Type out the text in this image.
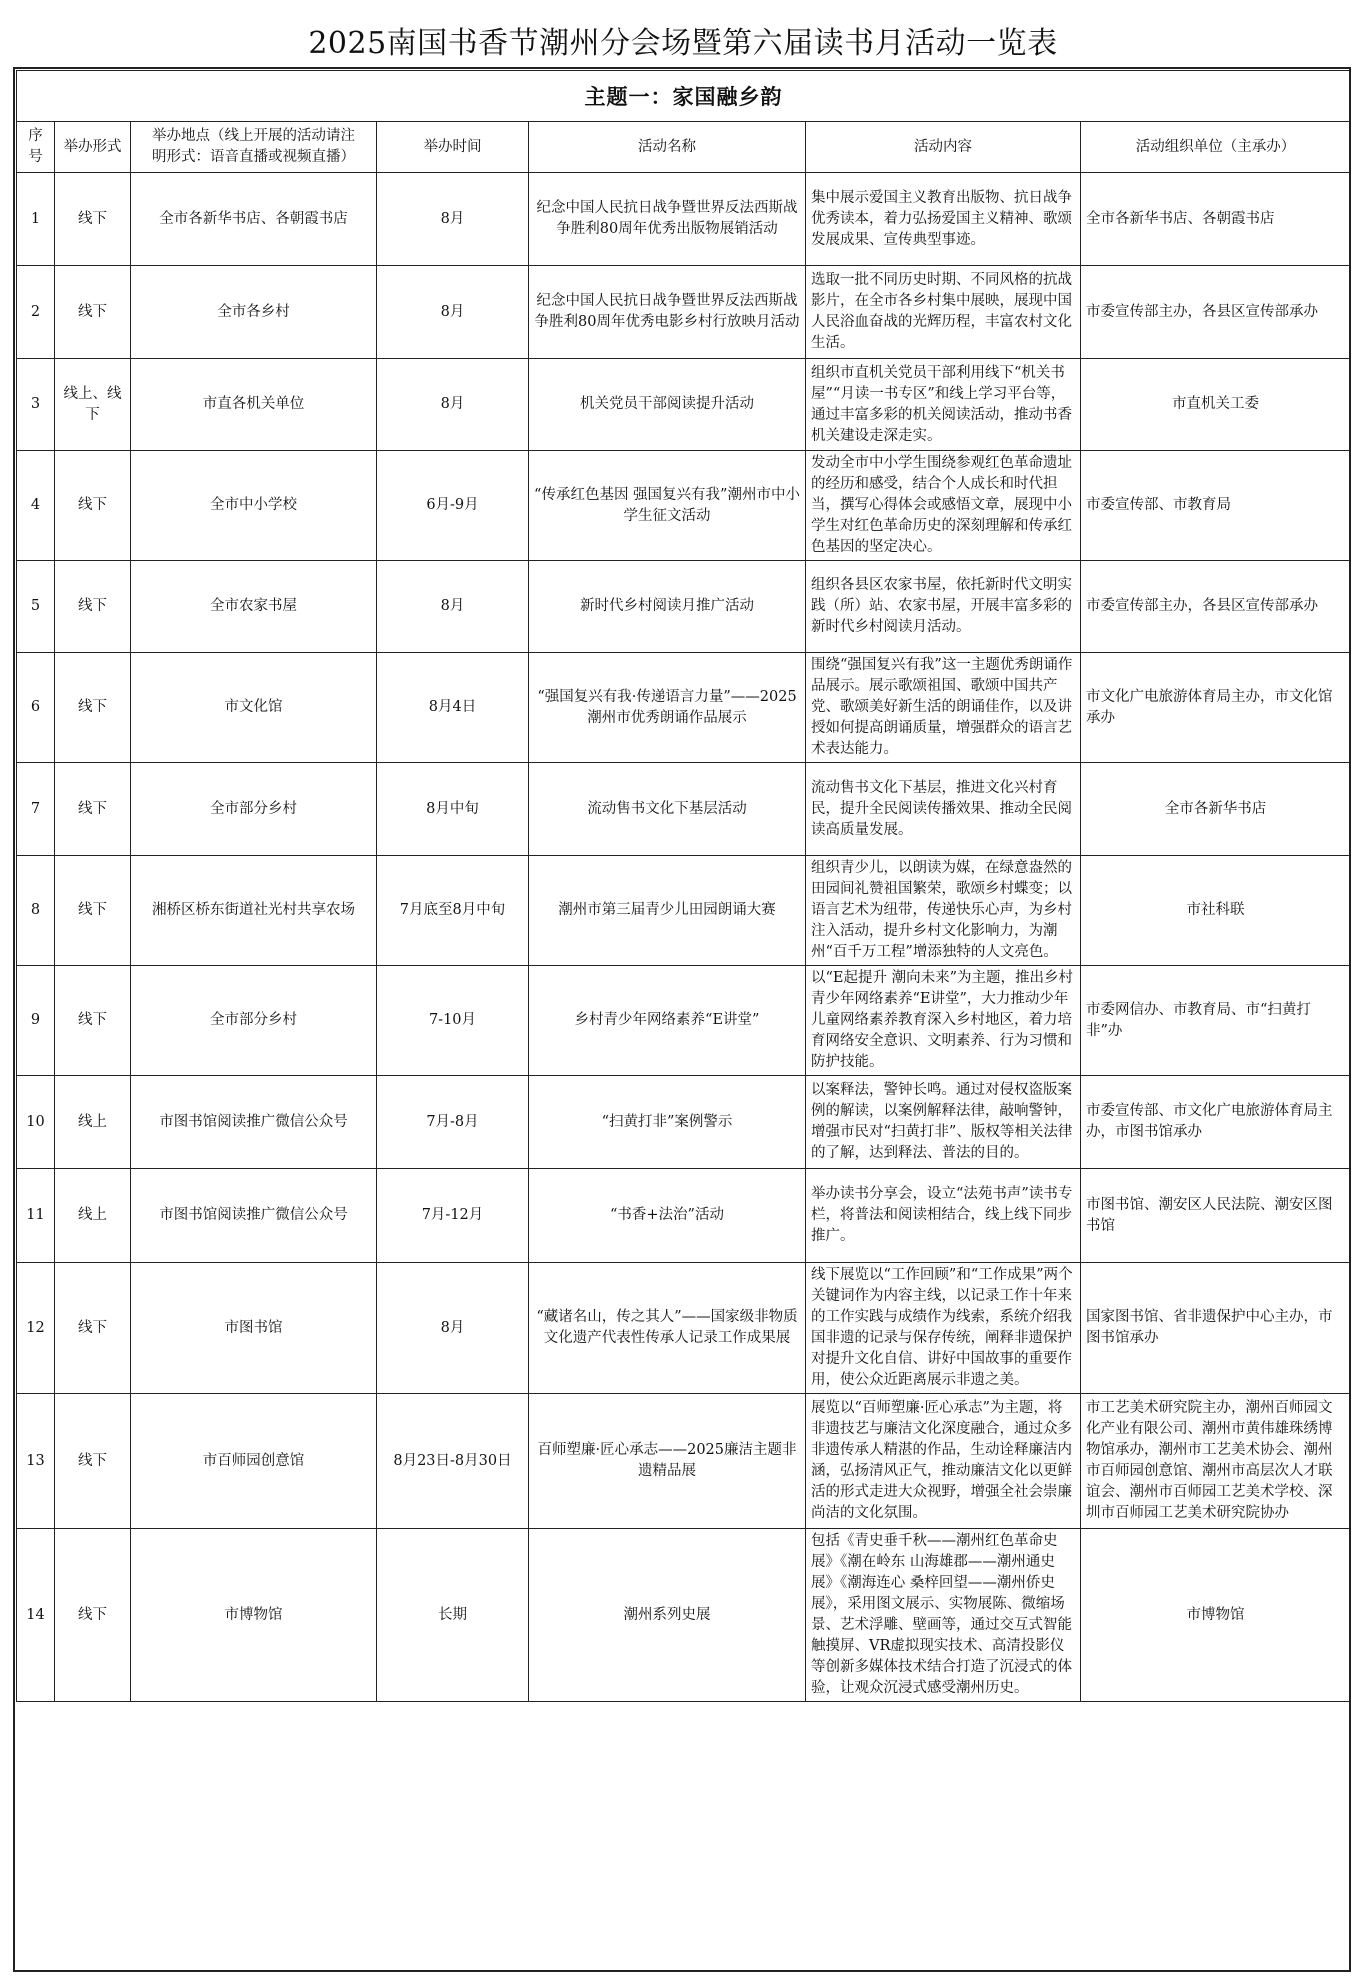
2025南国书香节潮州分会场暨第六届读书月活动一览表
主题一：家国融乡韵						
序号	举办形式	举办地点（线上开展的活动请注
明形式：语音直播或视频直播）	举办时间	活动名称	活动内容	活动组织单位（主承办）
1	线下	全市各新华书店、各朝霞书店	8月	纪念中国人民抗日战争暨世界反法西斯战争胜利80周年优秀出版物展销活动	集中展示爱国主义教育出版物、抗日战争优秀读本，着力弘扬爱国主义精神、歌颂发展成果、宣传典型事迹。	全市各新华书店、各朝霞书店
2	线下	全市各乡村	8月	纪念中国人民抗日战争暨世界反法西斯战争胜利80周年优秀电影乡村行放映月活动	选取一批不同历史时期、不同风格的抗战影片，在全市各乡村集中展映，展现中国人民浴血奋战的光辉历程，丰富农村文化生活。	市委宣传部主办，各县区宣传部承办
3	线上、线下	市直各机关单位	8月	机关党员干部阅读提升活动	组织市直机关党员干部利用线下“机关书屋”“月读一书专区”和线上学习平台等，通过丰富多彩的机关阅读活动，推动书香机关建设走深走实。	市直机关工委
4	线下	全市中小学校	6月-9月	“传承红色基因 强国复兴有我”潮州市中小学生征文活动	发动全市中小学生围绕参观红色革命遗址的经历和感受，结合个人成长和时代担当，撰写心得体会或感悟文章，展现中小学生对红色革命历史的深刻理解和传承红色基因的坚定决心。	市委宣传部、市教育局
5	线下	全市农家书屋	8月	新时代乡村阅读月推广活动	组织各县区农家书屋，依托新时代文明实践（所）站、农家书屋，开展丰富多彩的新时代乡村阅读月活动。	市委宣传部主办，各县区宣传部承办
6	线下	市文化馆	8月4日	“强国复兴有我·传递语言力量”——2025潮州市优秀朗诵作品展示	围绕“强国复兴有我”这一主题优秀朗诵作品展示。展示歌颂祖国、歌颂中国共产党、歌颂美好新生活的朗诵佳作，以及讲授如何提高朗诵质量，增强群众的语言艺术表达能力。	市文化广电旅游体育局主办，市文化馆承办
7	线下	全市部分乡村	8月中旬	流动售书文化下基层活动	流动售书文化下基层，推进文化兴村育民，提升全民阅读传播效果、推动全民阅读高质量发展。	全市各新华书店
8	线下	湘桥区桥东街道社光村共享农场	7月底至8月中旬	潮州市第三届青少儿田园朗诵大赛	组织青少儿，以朗读为媒，在绿意盎然的田园间礼赞祖国繁荣，歌颂乡村蝶变；以语言艺术为纽带，传递快乐心声，为乡村注入活动，提升乡村文化影响力，为潮州“百千万工程”增添独特的人文亮色。	市社科联
9	线下	全市部分乡村	7-10月	乡村青少年网络素养“E讲堂”	以“E起提升 潮向未来”为主题，推出乡村青少年网络素养“E讲堂”，大力推动少年儿童网络素养教育深入乡村地区，着力培育网络安全意识、文明素养、行为习惯和防护技能。	市委网信办、市教育局、市“扫黄打非”办
10	线上	市图书馆阅读推广微信公众号	7月-8月	“扫黄打非”案例警示	以案释法，警钟长鸣。通过对侵权盗版案例的解读，以案例解释法律，敲响警钟，增强市民对“扫黄打非”、版权等相关法律的了解，达到释法、普法的目的。	市委宣传部、市文化广电旅游体育局主办，市图书馆承办
11	线上	市图书馆阅读推广微信公众号	7月-12月	“书香+法治”活动	举办读书分享会，设立“法苑书声”读书专栏，将普法和阅读相结合，线上线下同步推广。	市图书馆、潮安区人民法院、潮安区图书馆
12	线下	市图书馆	8月	“藏诸名山，传之其人”——国家级非物质文化遗产代表性传承人记录工作成果展	线下展览以“工作回顾”和“工作成果”两个关键词作为内容主线，以记录工作十年来的工作实践与成绩作为线索，系统介绍我国非遗的记录与保存传统，阐释非遗保护对提升文化自信、讲好中国故事的重要作用，使公众近距离展示非遗之美。	国家图书馆、省非遗保护中心主办，市图书馆承办
13	线下	市百师园创意馆	8月23日-8月30日	百师塑廉·匠心承志——2025廉洁主题非遗精品展	展览以“百师塑廉·匠心承志”为主题，将非遗技艺与廉洁文化深度融合，通过众多非遗传承人精湛的作品，生动诠释廉洁内涵，弘扬清风正气，推动廉洁文化以更鲜活的形式走进大众视野，增强全社会崇廉尚洁的文化氛围。	市工艺美术研究院主办，潮州百师园文化产业有限公司、潮州市黄伟雄珠绣博物馆承办，潮州市工艺美术协会、潮州市百师园创意馆、潮州市高层次人才联谊会、潮州市百师园工艺美术学校、深圳市百师园工艺美术研究院协办
14	线下	市博物馆	长期	潮州系列史展	包括《青史垂千秋——潮州红色革命史展》《潮在岭东 山海雄郡——潮州通史展》《潮海连心 桑梓回望——潮州侨史展》，采用图文展示、实物展陈、微缩场景、艺术浮雕、壁画等，通过交互式智能触摸屏、VR虚拟现实技术、高清投影仪等创新多媒体技术结合打造了沉浸式的体验，让观众沉浸式感受潮州历史。	市博物馆
